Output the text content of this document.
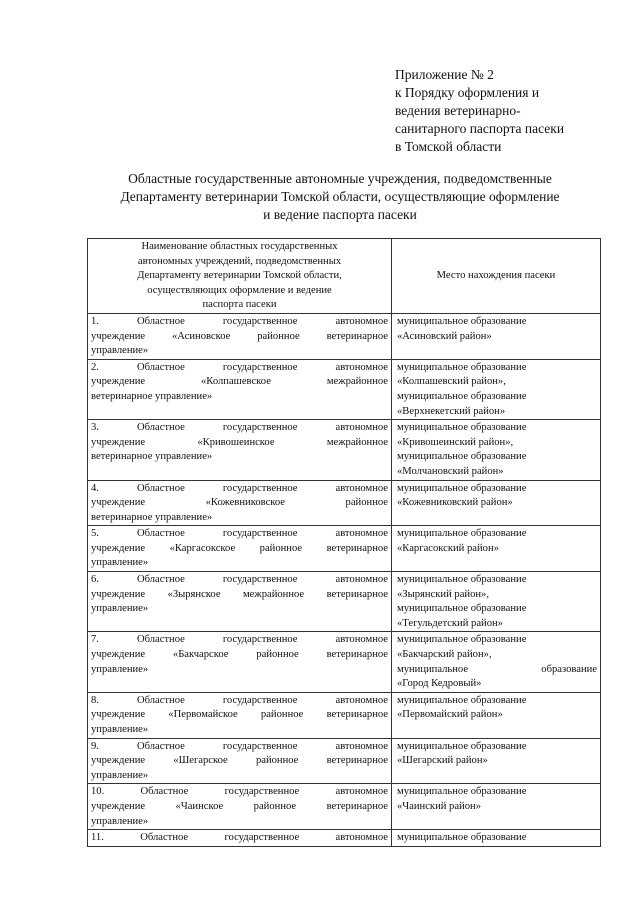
Приложение № 2
к Порядку оформления и
ведения ветеринарно-
санитарного паспорта пасеки
в Томской области
Областные государственные автономные учреждения, подведомственные
Департаменту ветеринарии Томской области, осуществляющие оформление
и ведение паспорта пасеки
Наименование областных государственных
автономных учреждений, подведомственных
Департаменту ветеринарии Томской области,
осуществляющих оформление и ведение
паспорта пасеки	Место нахождения пасеки

1. Областное государственное автономное
учреждение «Асиновское районное ветеринарное
управление»	муниципальное образование
«Асиновский район»

2. Областное государственное автономное
учреждение «Колпашевское межрайонное
ветеринарное управление»	муниципальное образование
«Колпашевский район»,
муниципальное образование
«Верхнекетский район»

3. Областное государственное автономное
учреждение «Кривошеинское межрайонное
ветеринарное управление»	муниципальное образование
«Кривошеинский район»,
муниципальное образование
«Молчановский район»

4. Областное государственное автономное
учреждение «Кожевниковское районное
ветеринарное управление»	муниципальное образование
«Кожевниковский район»

5. Областное государственное автономное
учреждение «Каргасокское районное ветеринарное
управление»	муниципальное образование
«Каргасокский район»

6. Областное государственное автономное
учреждение «Зырянское межрайонное ветеринарное
управление»	муниципальное образование
«Зырянский район»,
муниципальное образование
«Тегульдетский район»

7. Областное государственное автономное
учреждение «Бакчарское районное ветеринарное
управление»	муниципальное образование
«Бакчарский район»,
муниципальное образование
«Город Кедровый»

8. Областное государственное автономное
учреждение «Первомайское районное ветеринарное
управление»	муниципальное образование
«Первомайский район»

9. Областное государственное автономное
учреждение «Шегарское районное ветеринарное
управление»	муниципальное образование
«Шегарский район»

10. Областное государственное автономное
учреждение «Чаинское районное ветеринарное
управление»	муниципальное образование
«Чаинский район»

11. Областное государственное автономное	муниципальное образование
